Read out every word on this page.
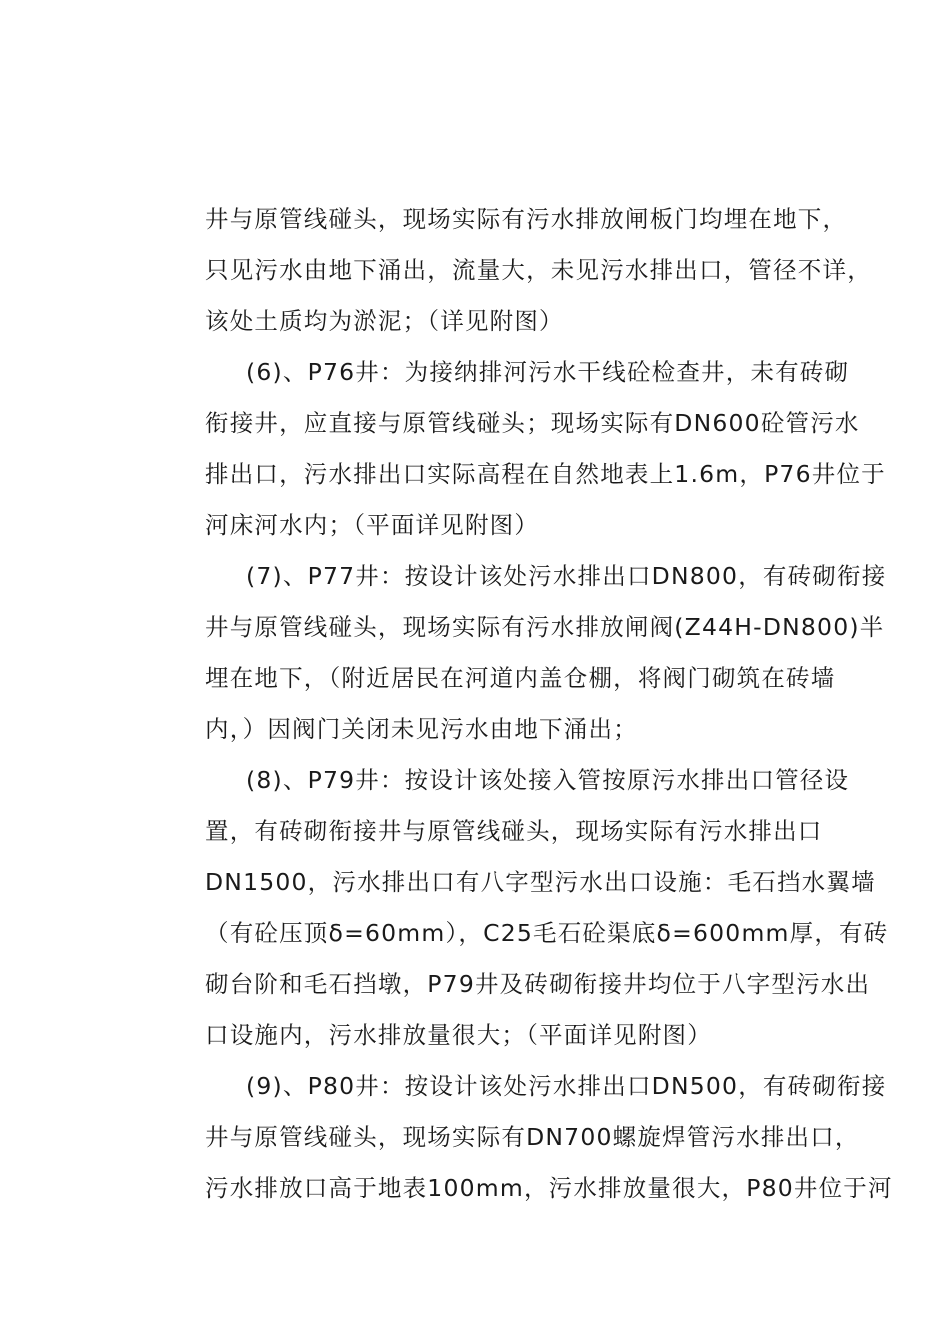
井与原管线碰头，现场实际有污水排放闸板门均埋在地下，
只见污水由地下涌出，流量大，未见污水排出口，管径不详，
该处土质均为淤泥；（详见附图）
(6)、P76井：为接纳排河污水干线砼检查井，未有砖砌
衔接井，应直接与原管线碰头；现场实际有DN600砼管污水
排出口，污水排出口实际高程在自然地表上1.6m，P76井位于
河床河水内；（平面详见附图）
(7)、P77井：按设计该处污水排出口DN800，有砖砌衔接
井与原管线碰头，现场实际有污水排放闸阀(Z44H-DN800)半
埋在地下，（附近居民在河道内盖仓棚，将阀门砌筑在砖墙
内，）因阀门关闭未见污水由地下涌出；
(8)、P79井：按设计该处接入管按原污水排出口管径设
置，有砖砌衔接井与原管线碰头，现场实际有污水排出口
DN1500，污水排出口有八字型污水出口设施：毛石挡水翼墙
（有砼压顶δ=60mm），C25毛石砼渠底δ=600mm厚，有砖
砌台阶和毛石挡墩，P79井及砖砌衔接井均位于八字型污水出
口设施内，污水排放量很大；（平面详见附图）
(9)、P80井：按设计该处污水排出口DN500，有砖砌衔接
井与原管线碰头，现场实际有DN700螺旋焊管污水排出口，
污水排放口高于地表100mm，污水排放量很大，P80井位于河
